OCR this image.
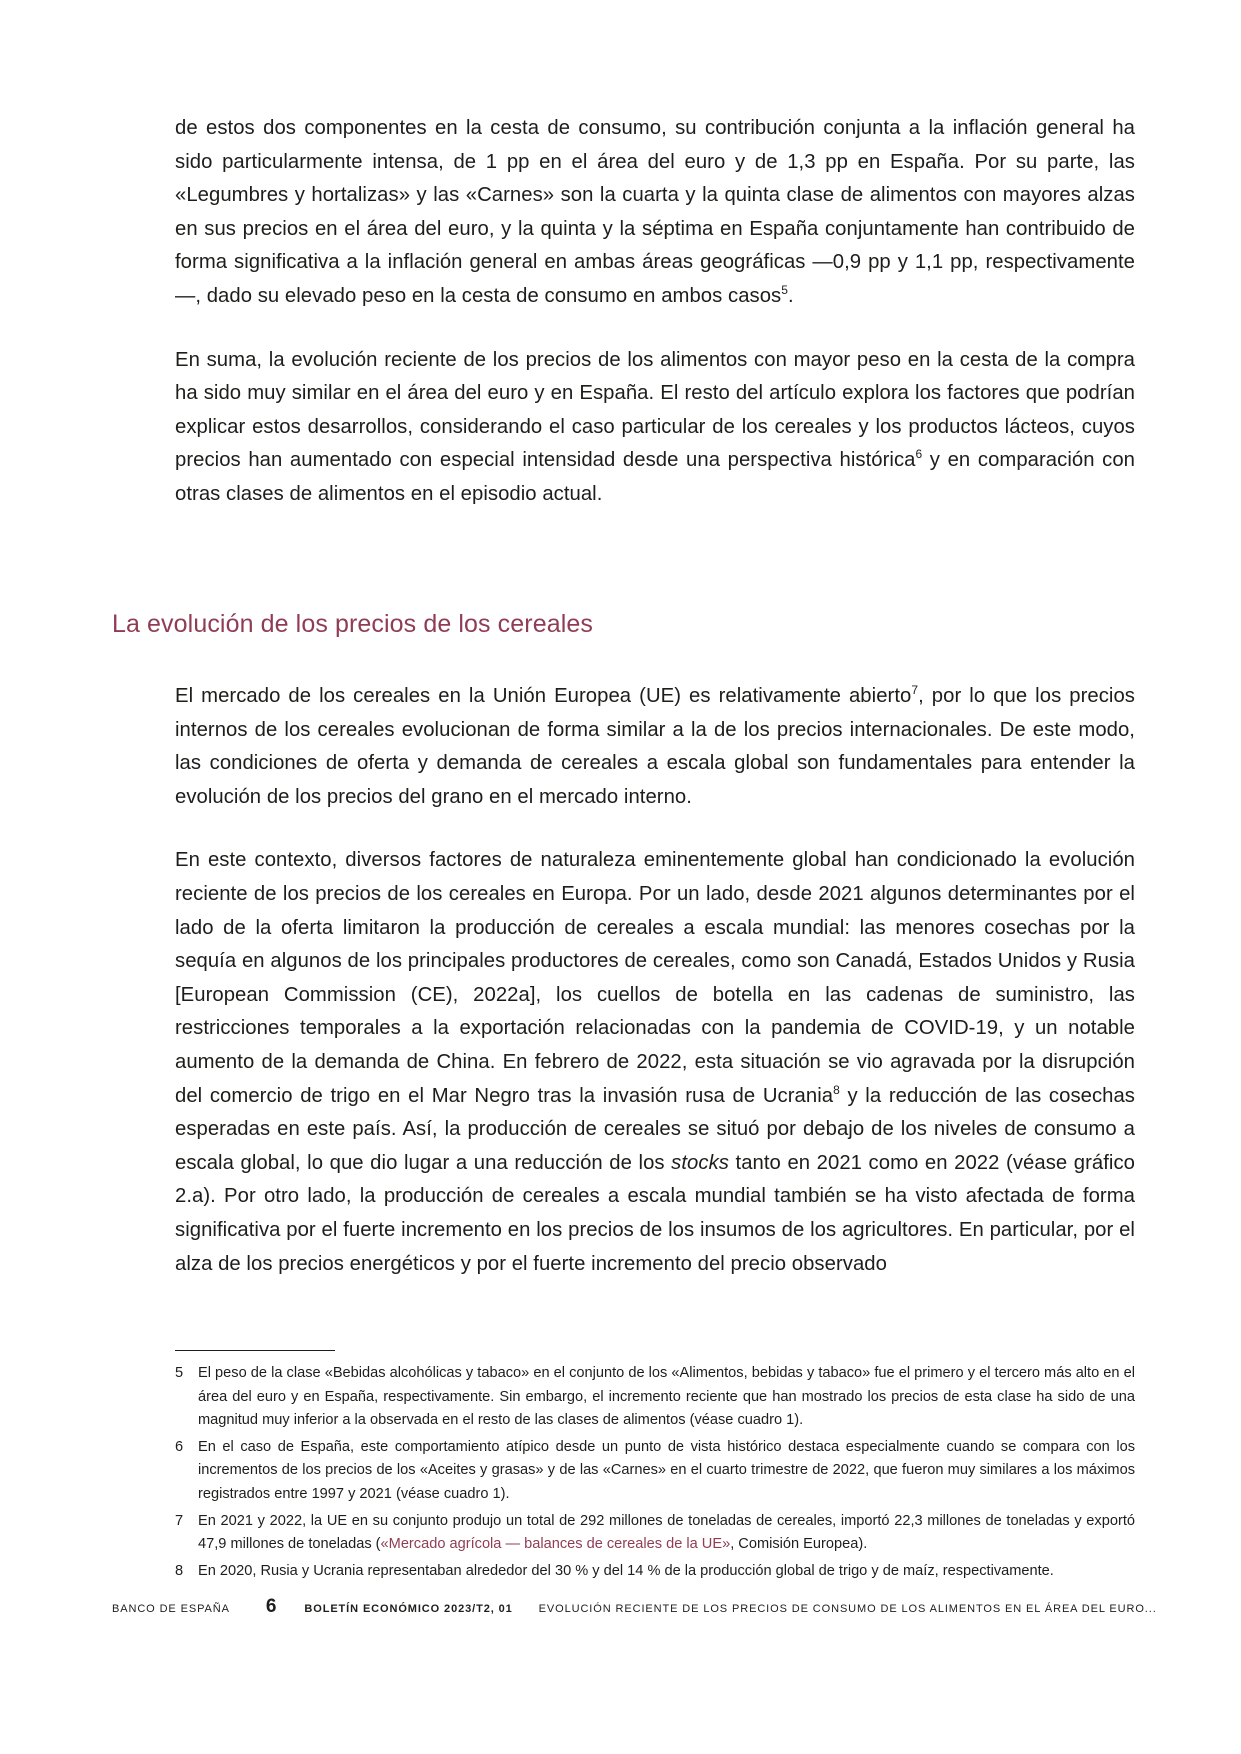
de estos dos componentes en la cesta de consumo, su contribución conjunta a la inflación general ha sido particularmente intensa, de 1 pp en el área del euro y de 1,3 pp en España. Por su parte, las «Legumbres y hortalizas» y las «Carnes» son la cuarta y la quinta clase de alimentos con mayores alzas en sus precios en el área del euro, y la quinta y la séptima en España conjuntamente han contribuido de forma significativa a la inflación general en ambas áreas geográficas —0,9 pp y 1,1 pp, respectivamente—, dado su elevado peso en la cesta de consumo en ambos casos$^5$.

En suma, la evolución reciente de los precios de los alimentos con mayor peso en la cesta de la compra ha sido muy similar en el área del euro y en España. El resto del artículo explora los factores que podrían explicar estos desarrollos, considerando el caso particular de los cereales y los productos lácteos, cuyos precios han aumentado con especial intensidad desde una perspectiva histórica$^6$ y en comparación con otras clases de alimentos en el episodio actual.

La evolución de los precios de los cereales

El mercado de los cereales en la Unión Europea (UE) es relativamente abierto$^7$, por lo que los precios internos de los cereales evolucionan de forma similar a la de los precios internacionales. De este modo, las condiciones de oferta y demanda de cereales a escala global son fundamentales para entender la evolución de los precios del grano en el mercado interno.

En este contexto, diversos factores de naturaleza eminentemente global han condicionado la evolución reciente de los precios de los cereales en Europa. Por un lado, desde 2021 algunos determinantes por el lado de la oferta limitaron la producción de cereales a escala mundial: las menores cosechas por la sequía en algunos de los principales productores de cereales, como son Canadá, Estados Unidos y Rusia [European Commission (CE), 2022a], los cuellos de botella en las cadenas de suministro, las restricciones temporales a la exportación relacionadas con la pandemia de COVID-19, y un notable aumento de la demanda de China. En febrero de 2022, esta situación se vio agravada por la disrupción del comercio de trigo en el Mar Negro tras la invasión rusa de Ucrania$^8$ y la reducción de las cosechas esperadas en este país. Así, la producción de cereales se situó por debajo de los niveles de consumo a escala global, lo que dio lugar a una reducción de los stocks tanto en 2021 como en 2022 (véase gráfico 2.a). Por otro lado, la producción de cereales a escala mundial también se ha visto afectada de forma significativa por el fuerte incremento en los precios de los insumos de los agricultores. En particular, por el alza de los precios energéticos y por el fuerte incremento del precio observado

5	El peso de la clase «Bebidas alcohólicas y tabaco» en el conjunto de los «Alimentos, bebidas y tabaco» fue el primero y el tercero más alto en el área del euro y en España, respectivamente. Sin embargo, el incremento reciente que han mostrado los precios de esta clase ha sido de una magnitud muy inferior a la observada en el resto de las clases de alimentos (véase cuadro 1).
6	En el caso de España, este comportamiento atípico desde un punto de vista histórico destaca especialmente cuando se compara con los incrementos de los precios de los «Aceites y grasas» y de las «Carnes» en el cuarto trimestre de 2022, que fueron muy similares a los máximos registrados entre 1997 y 2021 (véase cuadro 1).
7	En 2021 y 2022, la UE en su conjunto produjo un total de 292 millones de toneladas de cereales, importó 22,3 millones de toneladas y exportó 47,9 millones de toneladas («Mercado agrícola — balances de cereales de la UE», Comisión Europea).
8	En 2020, Rusia y Ucrania representaban alrededor del 30 % y del 14 % de la producción global de trigo y de maíz, respectivamente.
BANCO DE ESPAÑA 6	BOLETÍN ECONÓMICO 2023/T2, 01 EVOLUCIÓN RECIENTE DE LOS PRECIOS DE CONSUMO DE LOS ALIMENTOS EN EL ÁREA DEL EURO...
